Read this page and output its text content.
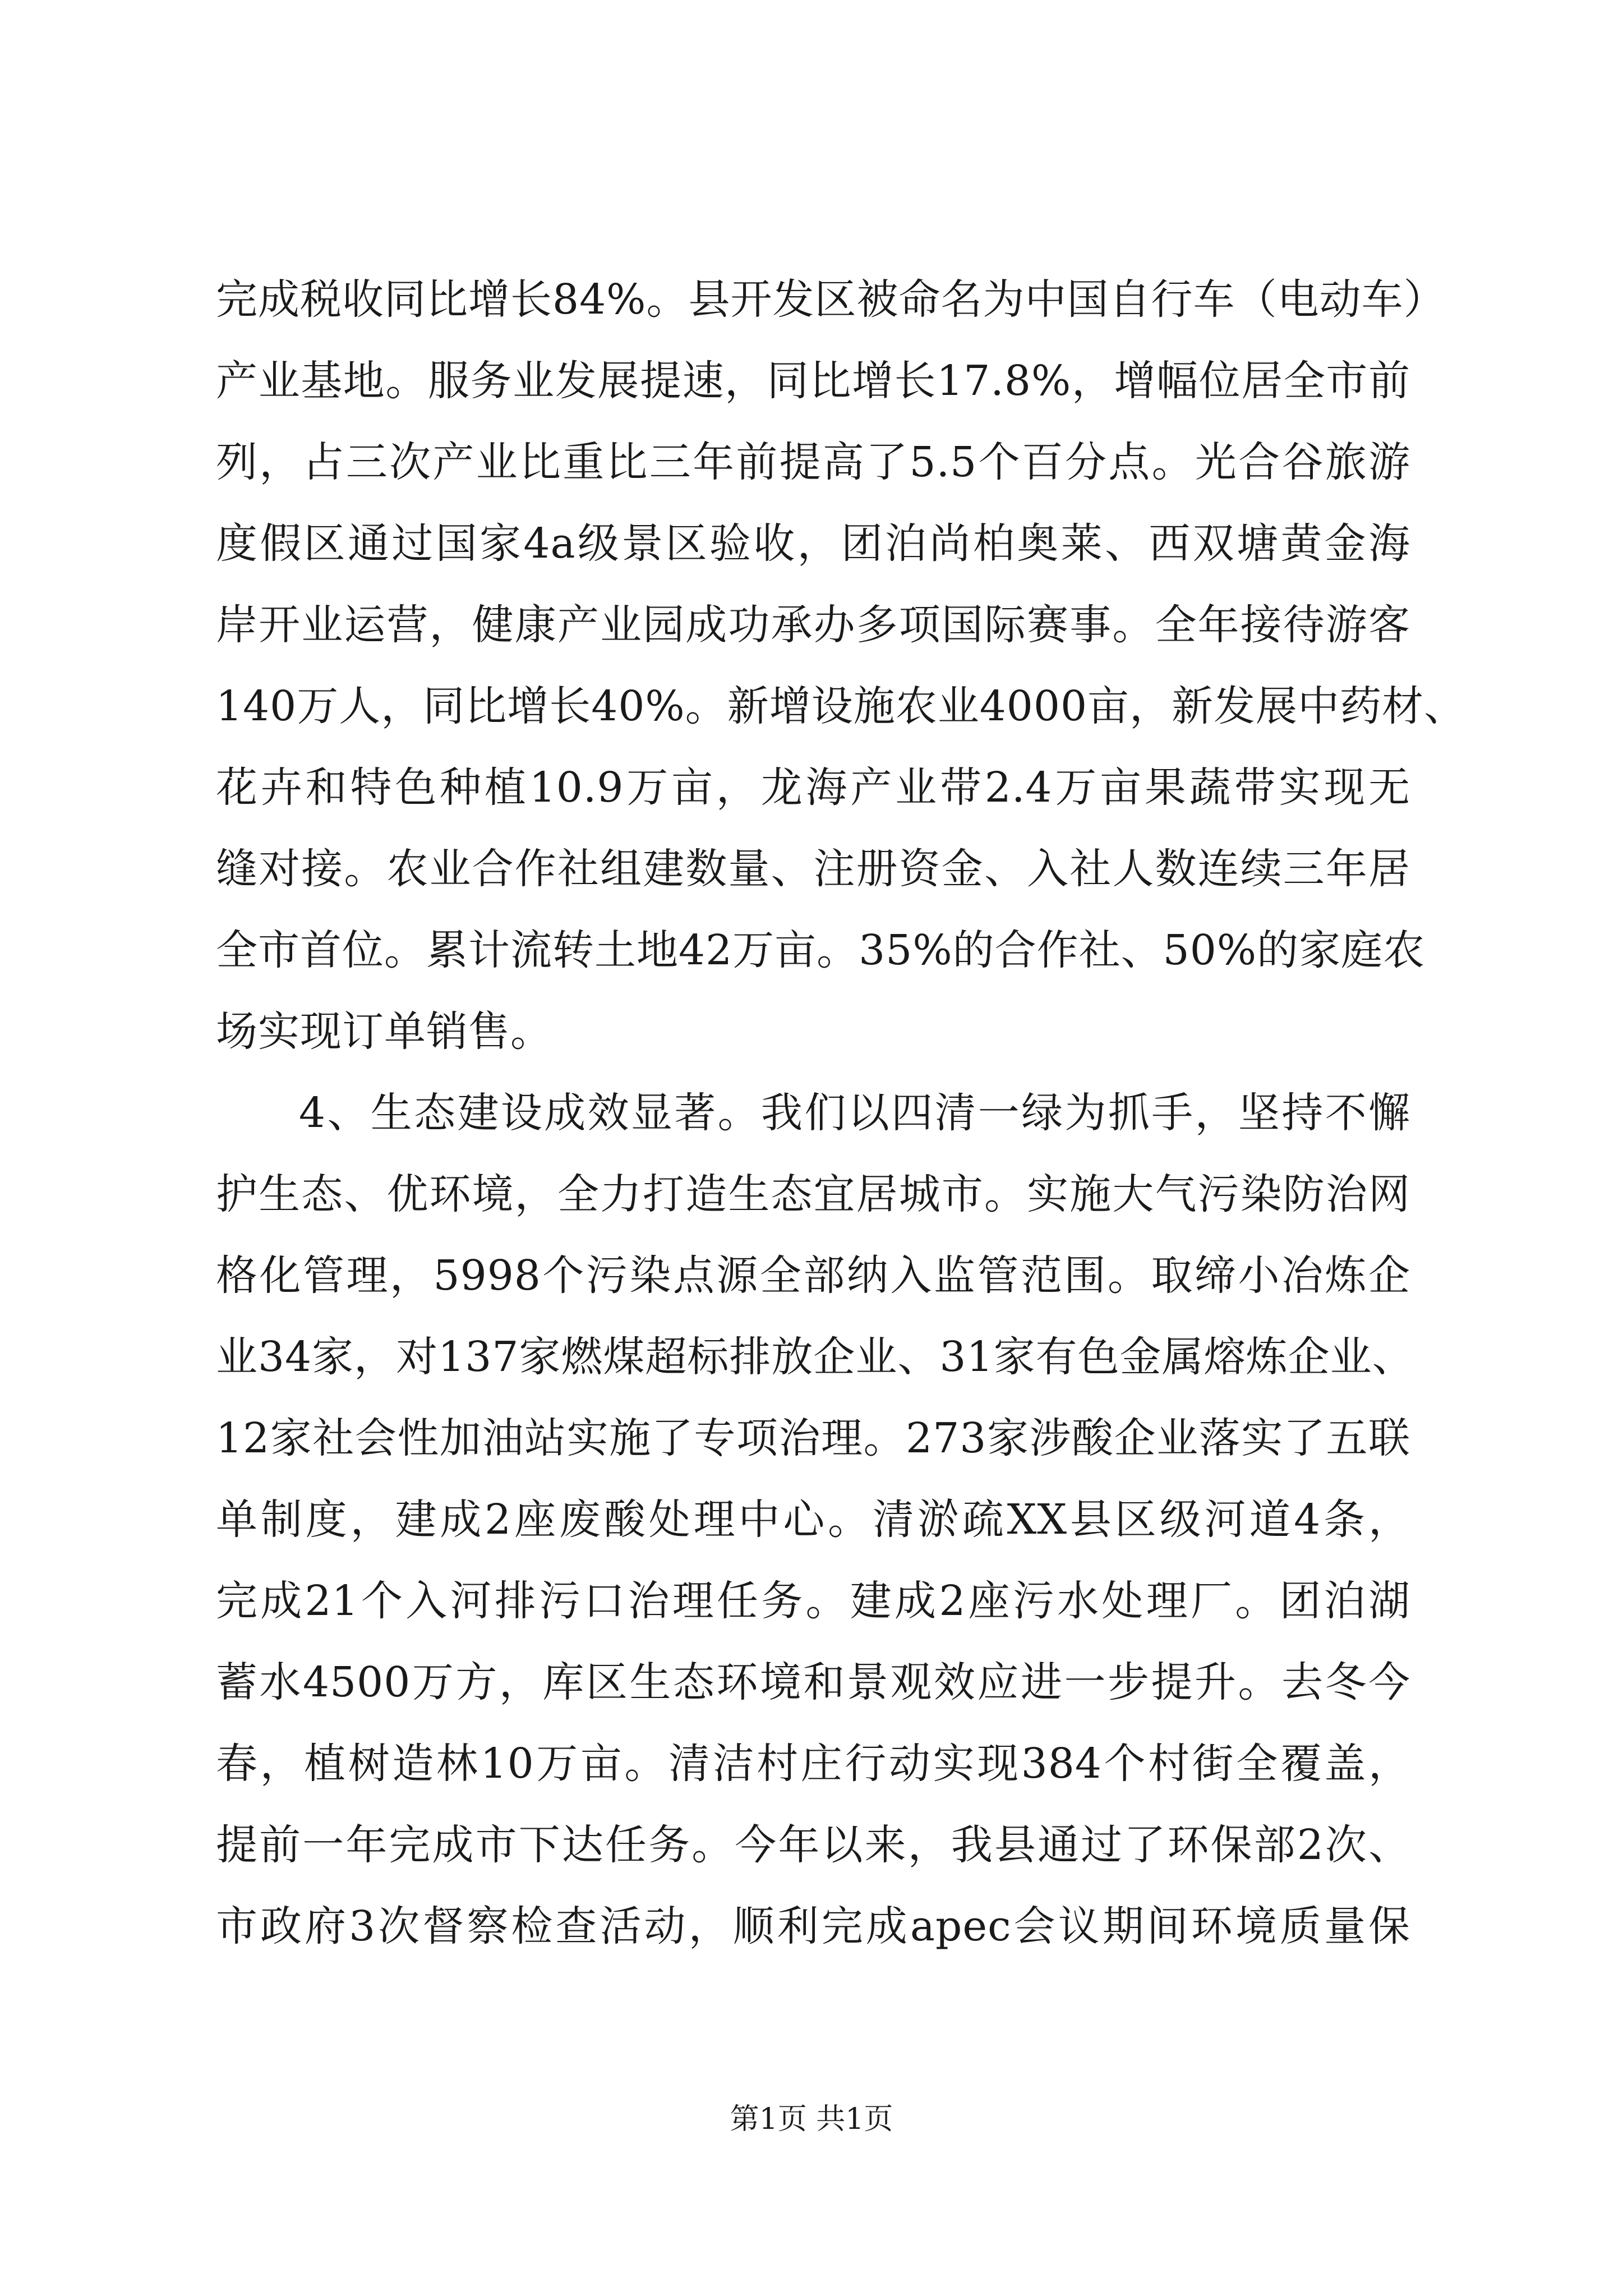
完成税收同比增长84%。县开发区被命名为中国自行车（电动车）
产业基地。服务业发展提速，同比增长17.8%，增幅位居全市前
列，占三次产业比重比三年前提高了5.5个百分点。光合谷旅游
度假区通过国家4a级景区验收，团泊尚柏奥莱、西双塘黄金海
岸开业运营，健康产业园成功承办多项国际赛事。全年接待游客
140万人，同比增长40%。新增设施农业4000亩，新发展中药材、
花卉和特色种植10.9万亩，龙海产业带2.4万亩果蔬带实现无
缝对接。农业合作社组建数量、注册资金、入社人数连续三年居
全市首位。累计流转土地42万亩。35%的合作社、50%的家庭农
场实现订单销售。
4、生态建设成效显著。我们以四清一绿为抓手，坚持不懈
护生态、优环境，全力打造生态宜居城市。实施大气污染防治网
格化管理，5998个污染点源全部纳入监管范围。取缔小冶炼企
业34家，对137家燃煤超标排放企业、31家有色金属熔炼企业、
12家社会性加油站实施了专项治理。273家涉酸企业落实了五联
单制度，建成2座废酸处理中心。清淤疏XX县区级河道4条，
完成21个入河排污口治理任务。建成2座污水处理厂。团泊湖
蓄水4500万方，库区生态环境和景观效应进一步提升。去冬今
春，植树造林10万亩。清洁村庄行动实现384个村街全覆盖，
提前一年完成市下达任务。今年以来，我县通过了环保部2次、
市政府3次督察检查活动，顺利完成apec会议期间环境质量保
第1页 共1页
